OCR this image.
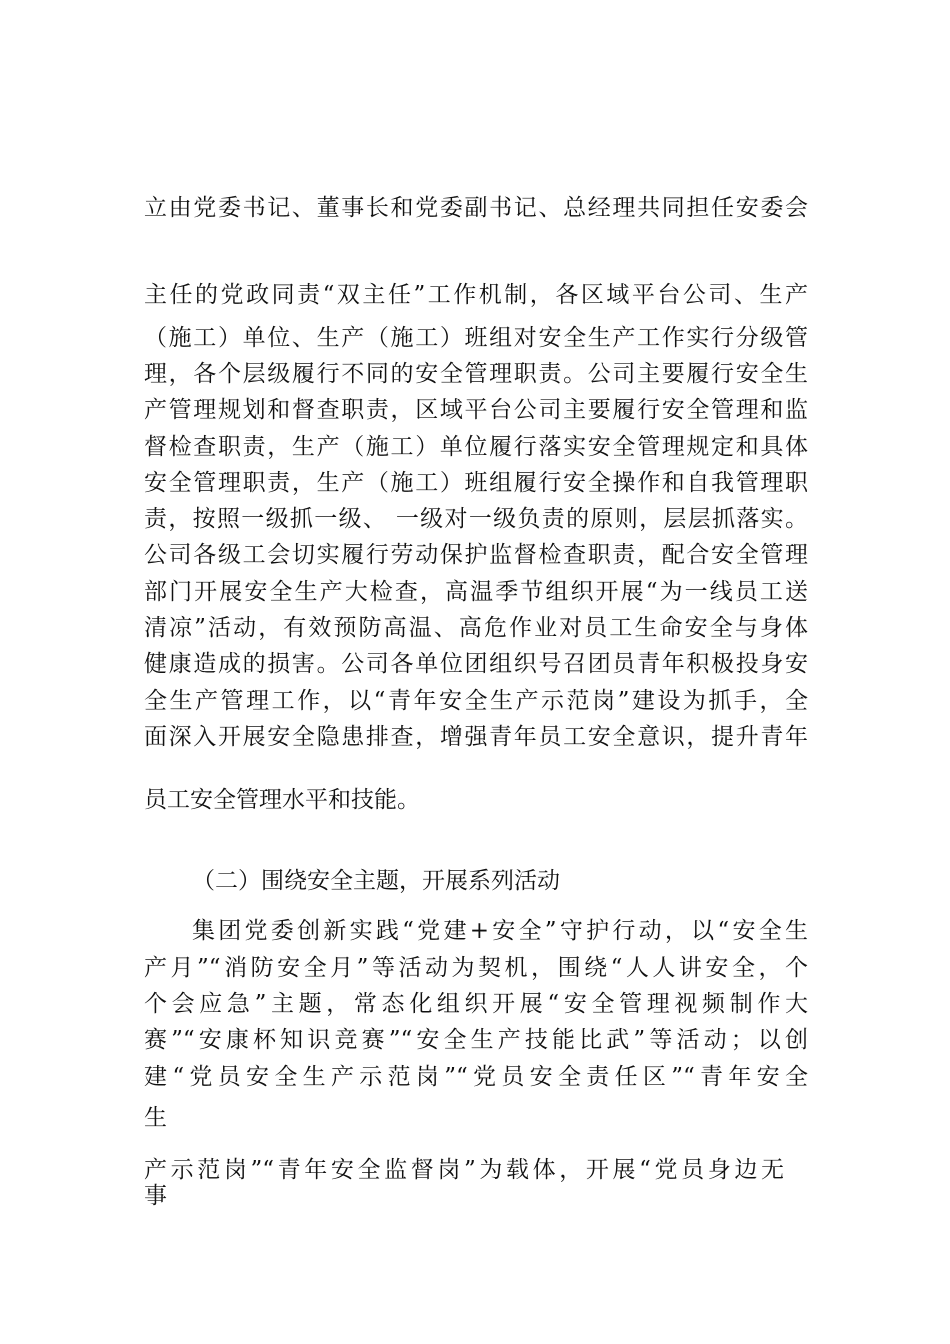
立由党委书记、董事长和党委副书记、总经理共同担任安委会
主任的党政同责“双主任”工作机制，各区域平台公司、生产
（施工）单位、生产（施工）班组对安全生产工作实行分级管
理，各个层级履行不同的安全管理职责。公司主要履行安全生
产管理规划和督查职责，区域平台公司主要履行安全管理和监
督检查职责，生产（施工）单位履行落实安全管理规定和具体
安全管理职责，生产（施工）班组履行安全操作和自我管理职
责，按照一级抓一级、 一级对一级负责的原则，层层抓落实。
公司各级工会切实履行劳动保护监督检查职责，配合安全管理
部门开展安全生产大检查，高温季节组织开展“为一线员工送
清凉”活动，有效预防高温、高危作业对员工生命安全与身体
健康造成的损害。公司各单位团组织号召团员青年积极投身安
全生产管理工作，以“青年安全生产示范岗”建设为抓手，全
面深入开展安全隐患排查，增强青年员工安全意识，提升青年
员工安全管理水平和技能。
（二）围绕安全主题，开展系列活动
集团党委创新实践“党建+安全”守护行动，以“安全生
产月”“消防安全月”等活动为契机，围绕“人人讲安全，个
个会应急”主题，常态化组织开展“安全管理视频制作大
赛”“安康杯知识竞赛”“安全生产技能比武”等活动；以创
建“党员安全生产示范岗”“党员安全责任区”“青年安全
生
产示范岗”“青年安全监督岗”为载体，开展“党员身边无
事
